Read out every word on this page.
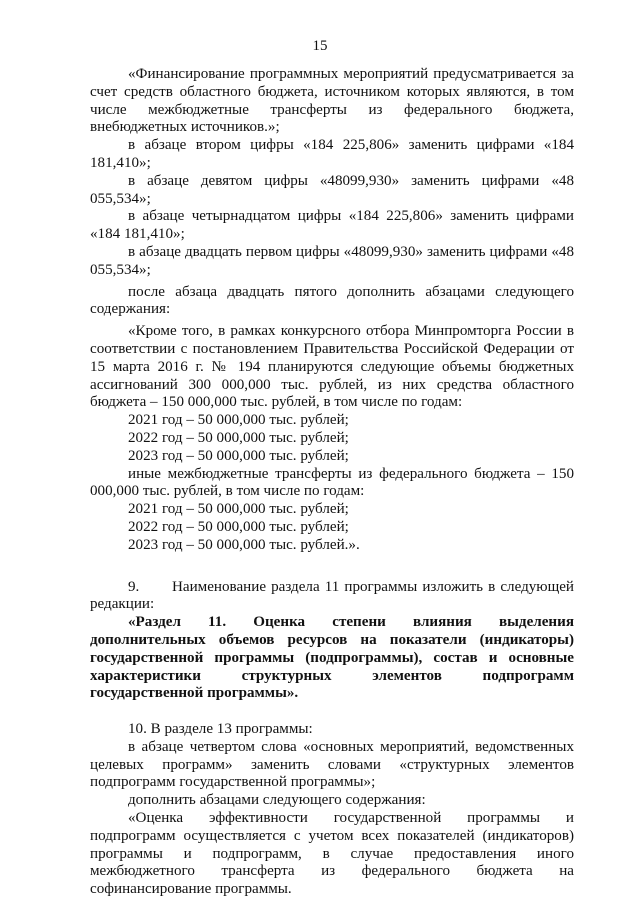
15

«Финансирование программных мероприятий предусматривается за счет средств областного бюджета, источником которых являются, в том числе межбюджетные трансферты из федерального бюджета, внебюджетных источников.»;

в абзаце втором цифры «184 225,806» заменить цифрами «184 181,410»;

в абзаце девятом цифры «48099,930» заменить цифрами «48 055,534»;

в абзаце четырнадцатом цифры «184 225,806» заменить цифрами «184 181,410»;

в абзаце двадцать первом цифры «48099,930» заменить цифрами «48 055,534»;

после абзаца двадцать пятого дополнить абзацами следующего содержания:

«Кроме того, в рамках конкурсного отбора Минпромторга России в соответствии с постановлением Правительства Российской Федерации от 15 марта 2016 г. № 194 планируются следующие объемы бюджетных ассигнований 300 000,000 тыс. рублей, из них средства областного бюджета – 150 000,000 тыс. рублей, в том числе по годам:

2021 год – 50 000,000 тыс. рублей;

2022 год – 50 000,000 тыс. рублей;

2023 год – 50 000,000 тыс. рублей;

иные межбюджетные трансферты из федерального бюджета – 150 000,000 тыс. рублей, в том числе по годам:

2021 год – 50 000,000 тыс. рублей;

2022 год – 50 000,000 тыс. рублей;

2023 год – 50 000,000 тыс. рублей.».

9. Наименование раздела 11 программы изложить в следующей редакции:

«Раздел 11. Оценка степени влияния выделения дополнительных объемов ресурсов на показатели (индикаторы) государственной программы (подпрограммы), состав и основные характеристики структурных элементов подпрограмм государственной программы».

10. В разделе 13 программы:

в абзаце четвертом слова «основных мероприятий, ведомственных целевых программ» заменить словами «структурных элементов подпрограмм государственной программы»;

дополнить абзацами следующего содержания:

«Оценка эффективности государственной программы и подпрограмм осуществляется с учетом всех показателей (индикаторов) программы и подпрограмм, в случае предоставления иного межбюджетного трансферта из федерального бюджета на софинансирование программы.
